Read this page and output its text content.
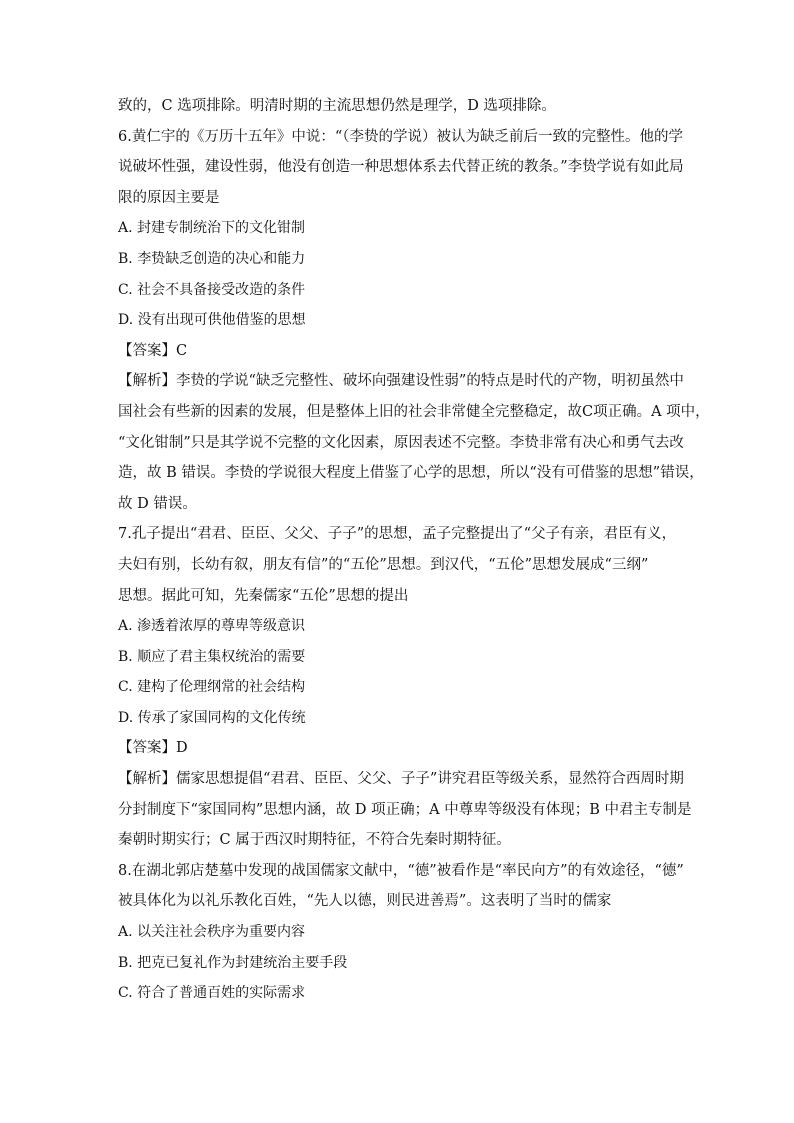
致的，C 选项排除。明清时期的主流思想仍然是理学，D 选项排除。
6.黄仁宇的《万历十五年》中说：“（李贽的学说）被认为缺乏前后一致的完整性。他的学
说破坏性强，建设性弱，他没有创造一种思想体系去代替正统的教条。”李贽学说有如此局
限的原因主要是
A. 封建专制统治下的文化钳制
B. 李贽缺乏创造的决心和能力
C. 社会不具备接受改造的条件
D. 没有出现可供他借鉴的思想
【答案】C
【解析】李贽的学说“缺乏完整性、破坏向强建设性弱”的特点是时代的产物，明初虽然中
国社会有些新的因素的发展，但是整体上旧的社会非常健全完整稳定，故C项正确。A 项中，
“文化钳制”只是其学说不完整的文化因素，原因表述不完整。李贽非常有决心和勇气去改
造，故 B 错误。李贽的学说很大程度上借鉴了心学的思想，所以“没有可借鉴的思想”错误，
故 D 错误。
7.孔子提出“君君、臣臣、父父、子子”的思想，孟子完整提出了“父子有亲，君臣有义，
夫妇有别，长幼有叙，朋友有信”的“五伦”思想。到汉代，“五伦”思想发展成“三纲”
思想。据此可知，先秦儒家“五伦”思想的提出
A. 渗透着浓厚的尊卑等级意识
B. 顺应了君主集权统治的需要
C. 建构了伦理纲常的社会结构
D. 传承了家国同构的文化传统
【答案】D
【解析】儒家思想提倡“君君、臣臣、父父、子子”讲究君臣等级关系，显然符合西周时期
分封制度下“家国同构”思想内涵，故 D 项正确；A 中尊卑等级没有体现；B 中君主专制是
秦朝时期实行；C 属于西汉时期特征，不符合先秦时期特征。
8.在湖北郭店楚墓中发现的战国儒家文献中，“德”被看作是“率民向方”的有效途径，“德”
被具体化为以礼乐教化百姓，“先人以德，则民进善焉”。这表明了当时的儒家
A. 以关注社会秩序为重要内容
B. 把克已复礼作为封建统治主要手段
C. 符合了普通百姓的实际需求
